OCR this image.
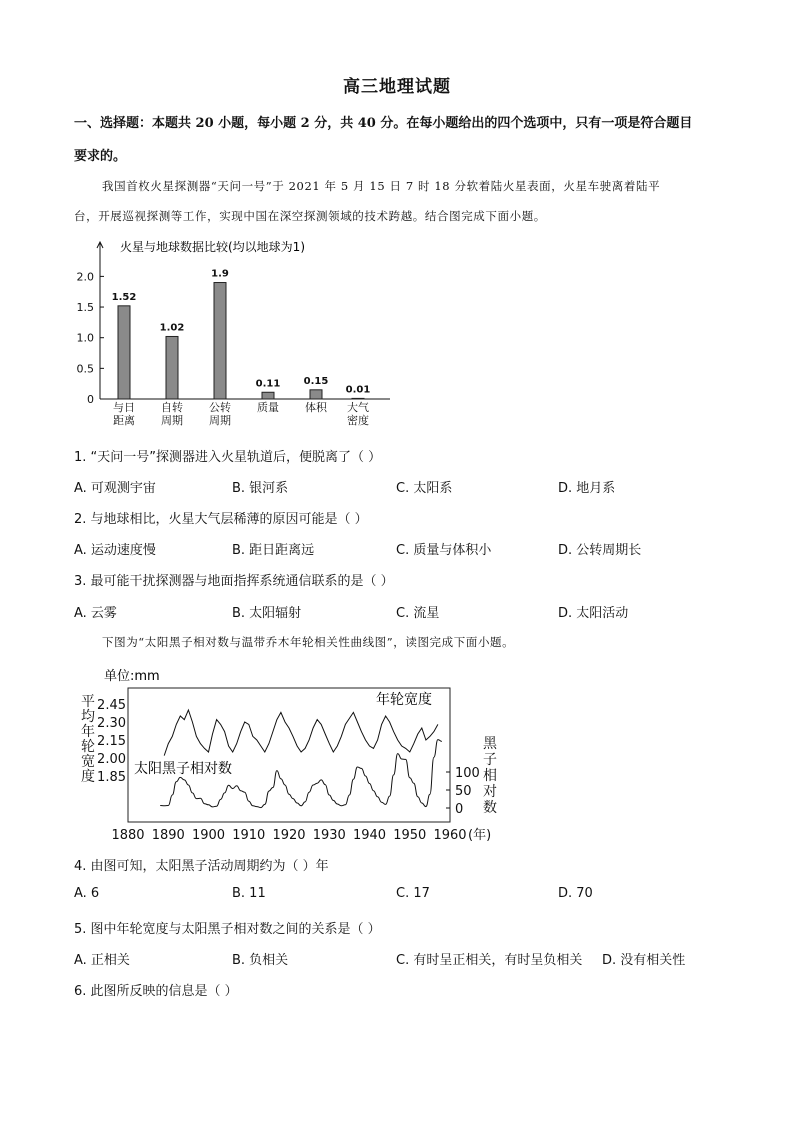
高三地理试题
一、选择题：本题共 20 小题，每小题 2 分，共 40 分。在每小题给出的四个选项中，只有一项是符合题目
要求的。
我国首枚火星探测器“天问一号”于 2021 年 5 月 15 日 7 时 18 分软着陆火星表面，火星车驶离着陆平
台，开展巡视探测等工作，实现中国在深空探测领域的技术跨越。结合图完成下面小题。
火星与地球数据比较(均以地球为1)
0
0.5
1.0
1.5
2.0
1.52
1.02
1.9
0.11 0.15
0.01
与日
距离
自转
周期
公转
周期
质量 体积 大气
密度
1. “天问一号”探测器进入火星轨道后，便脱离了（ ）
A. 可观测宇宙	B. 银河系	C. 太阳系	D. 地月系
2. 与地球相比，火星大气层稀薄的原因可能是（ ）
A. 运动速度慢	B. 距日距离远	C. 质量与体积小	D. 公转周期长
3. 最可能干扰探测器与地面指挥系统通信联系的是（ ）
A. 云雾	B. 太阳辐射	C. 流星	D. 太阳活动
下图为“太阳黑子相对数与温带乔木年轮相关性曲线图”，读图完成下面小题。
单位:mm
平
均
年
轮
宽
度
黑
子
相
对
数
2.45
2.30
2.15
2.00
1.85	100
50
0
1880 1890 1900 1910 1920 1930 1940 1950 1960 (年)
年轮宽度
太阳黑子相对数
4. 由图可知，太阳黑子活动周期约为（ ）年
A. 6	B. 11	C. 17	D. 70
5. 图中年轮宽度与太阳黑子相对数之间的关系是（ ）
A. 正相关	B. 负相关	C. 有时呈正相关，有时呈负相关 D. 没有相关性
6. 此图所反映的信息是（ ）
